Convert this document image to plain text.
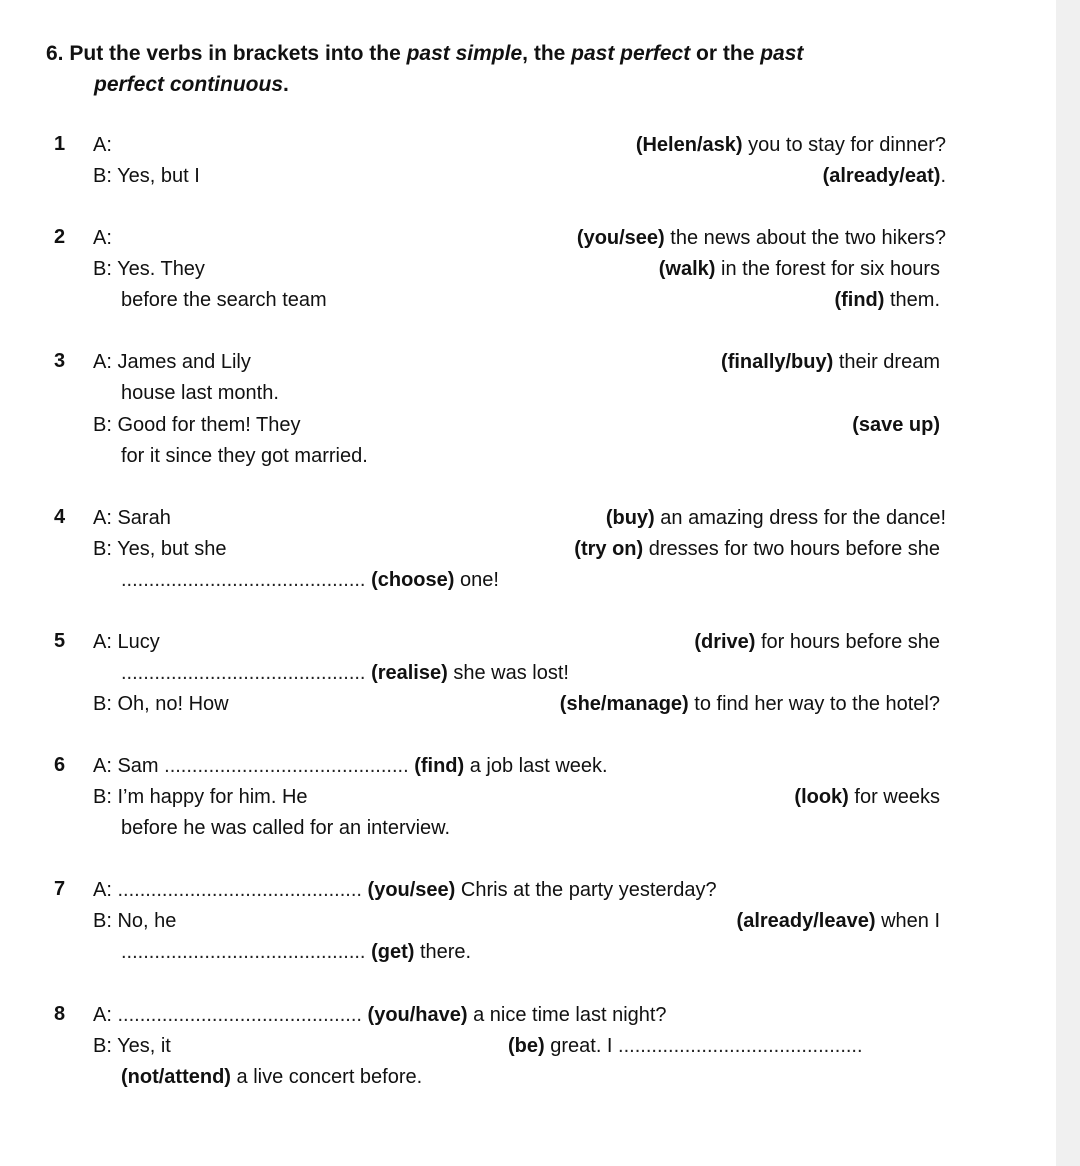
6. Put the verbs in brackets into the past simple, the past perfect or the past
perfect continuous.
1 A:	(Helen/ask) you to stay for dinner?
B: Yes, but I	(already/eat).
2 A:	(you/see) the news about the two hikers?
B: Yes. They	(walk) in the forest for six hours
before the search team	(find) them.
3 A: James and Lily	(finally/buy) their dream
house last month.
B: Good for them! They	(save up)
for it since they got married.
4 A: Sarah	(buy) an amazing dress for the dance!
B: Yes, but she	(try on) dresses for two hours before she
............................................ (choose) one!
5 A: Lucy	(drive) for hours before she
............................................ (realise) she was lost!
B: Oh, no! How	(she/manage) to find her way to the hotel?
6 A: Sam ............................................ (find) a job last week.
B: I’m happy for him. He	(look) for weeks
before he was called for an interview.
7 A: ............................................ (you/see) Chris at the party yesterday?
B: No, he	(already/leave) when I
............................................ (get) there.
8 A: ............................................ (you/have) a nice time last night?
B: Yes, it	(be) great. I ............................................
(not/attend) a live concert before.
